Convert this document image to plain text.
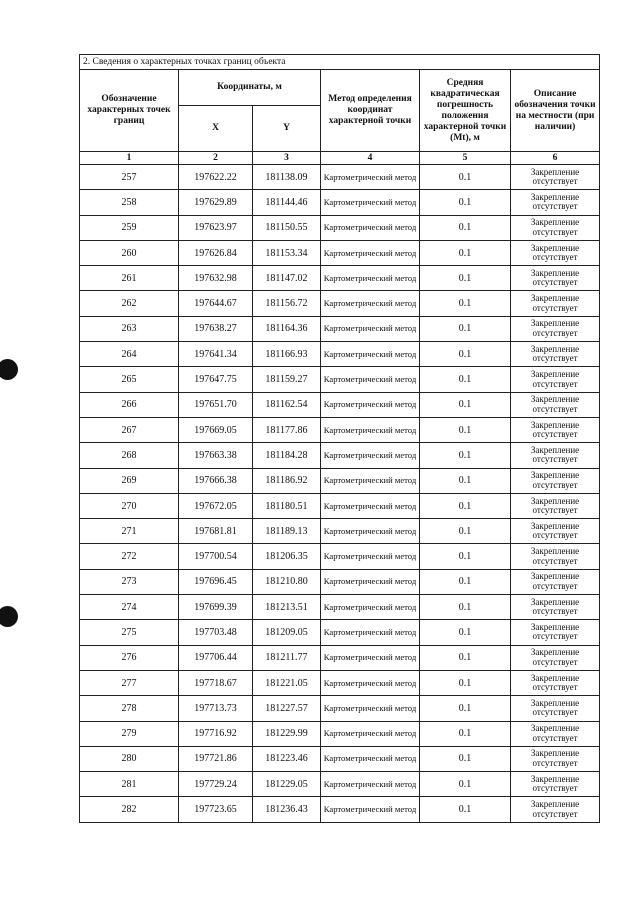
2. Сведения о характерных точках границ объекта					
Обозначение характерных точек границ	Координаты, м		Метод определения координат характерной точки	Средняя квадратическая погрешность положения характерной точки (Mt), м	Описание обозначения точки на местности (при наличии)
	X	Y			
1	2	3	4	5	6
257	197622.22	181138.09	Картометрический метод	0.1	Закрепление отсутствует
258	197629.89	181144.46	Картометрический метод	0.1	Закрепление отсутствует
259	197623.97	181150.55	Картометрический метод	0.1	Закрепление отсутствует
260	197626.84	181153.34	Картометрический метод	0.1	Закрепление отсутствует
261	197632.98	181147.02	Картометрический метод	0.1	Закрепление отсутствует
262	197644.67	181156.72	Картометрический метод	0.1	Закрепление отсутствует
263	197638.27	181164.36	Картометрический метод	0.1	Закрепление отсутствует
264	197641.34	181166.93	Картометрический метод	0.1	Закрепление отсутствует
265	197647.75	181159.27	Картометрический метод	0.1	Закрепление отсутствует
266	197651.70	181162.54	Картометрический метод	0.1	Закрепление отсутствует
267	197669.05	181177.86	Картометрический метод	0.1	Закрепление отсутствует
268	197663.38	181184.28	Картометрический метод	0.1	Закрепление отсутствует
269	197666.38	181186.92	Картометрический метод	0.1	Закрепление отсутствует
270	197672.05	181180.51	Картометрический метод	0.1	Закрепление отсутствует
271	197681.81	181189.13	Картометрический метод	0.1	Закрепление отсутствует
272	197700.54	181206.35	Картометрический метод	0.1	Закрепление отсутствует
273	197696.45	181210.80	Картометрический метод	0.1	Закрепление отсутствует
274	197699.39	181213.51	Картометрический метод	0.1	Закрепление отсутствует
275	197703.48	181209.05	Картометрический метод	0.1	Закрепление отсутствует
276	197706.44	181211.77	Картометрический метод	0.1	Закрепление отсутствует
277	197718.67	181221.05	Картометрический метод	0.1	Закрепление отсутствует
278	197713.73	181227.57	Картометрический метод	0.1	Закрепление отсутствует
279	197716.92	181229.99	Картометрический метод	0.1	Закрепление отсутствует
280	197721.86	181223.46	Картометрический метод	0.1	Закрепление отсутствует
281	197729.24	181229.05	Картометрический метод	0.1	Закрепление отсутствует
282	197723.65	181236.43	Картометрический метод	0.1	Закрепление отсутствует
